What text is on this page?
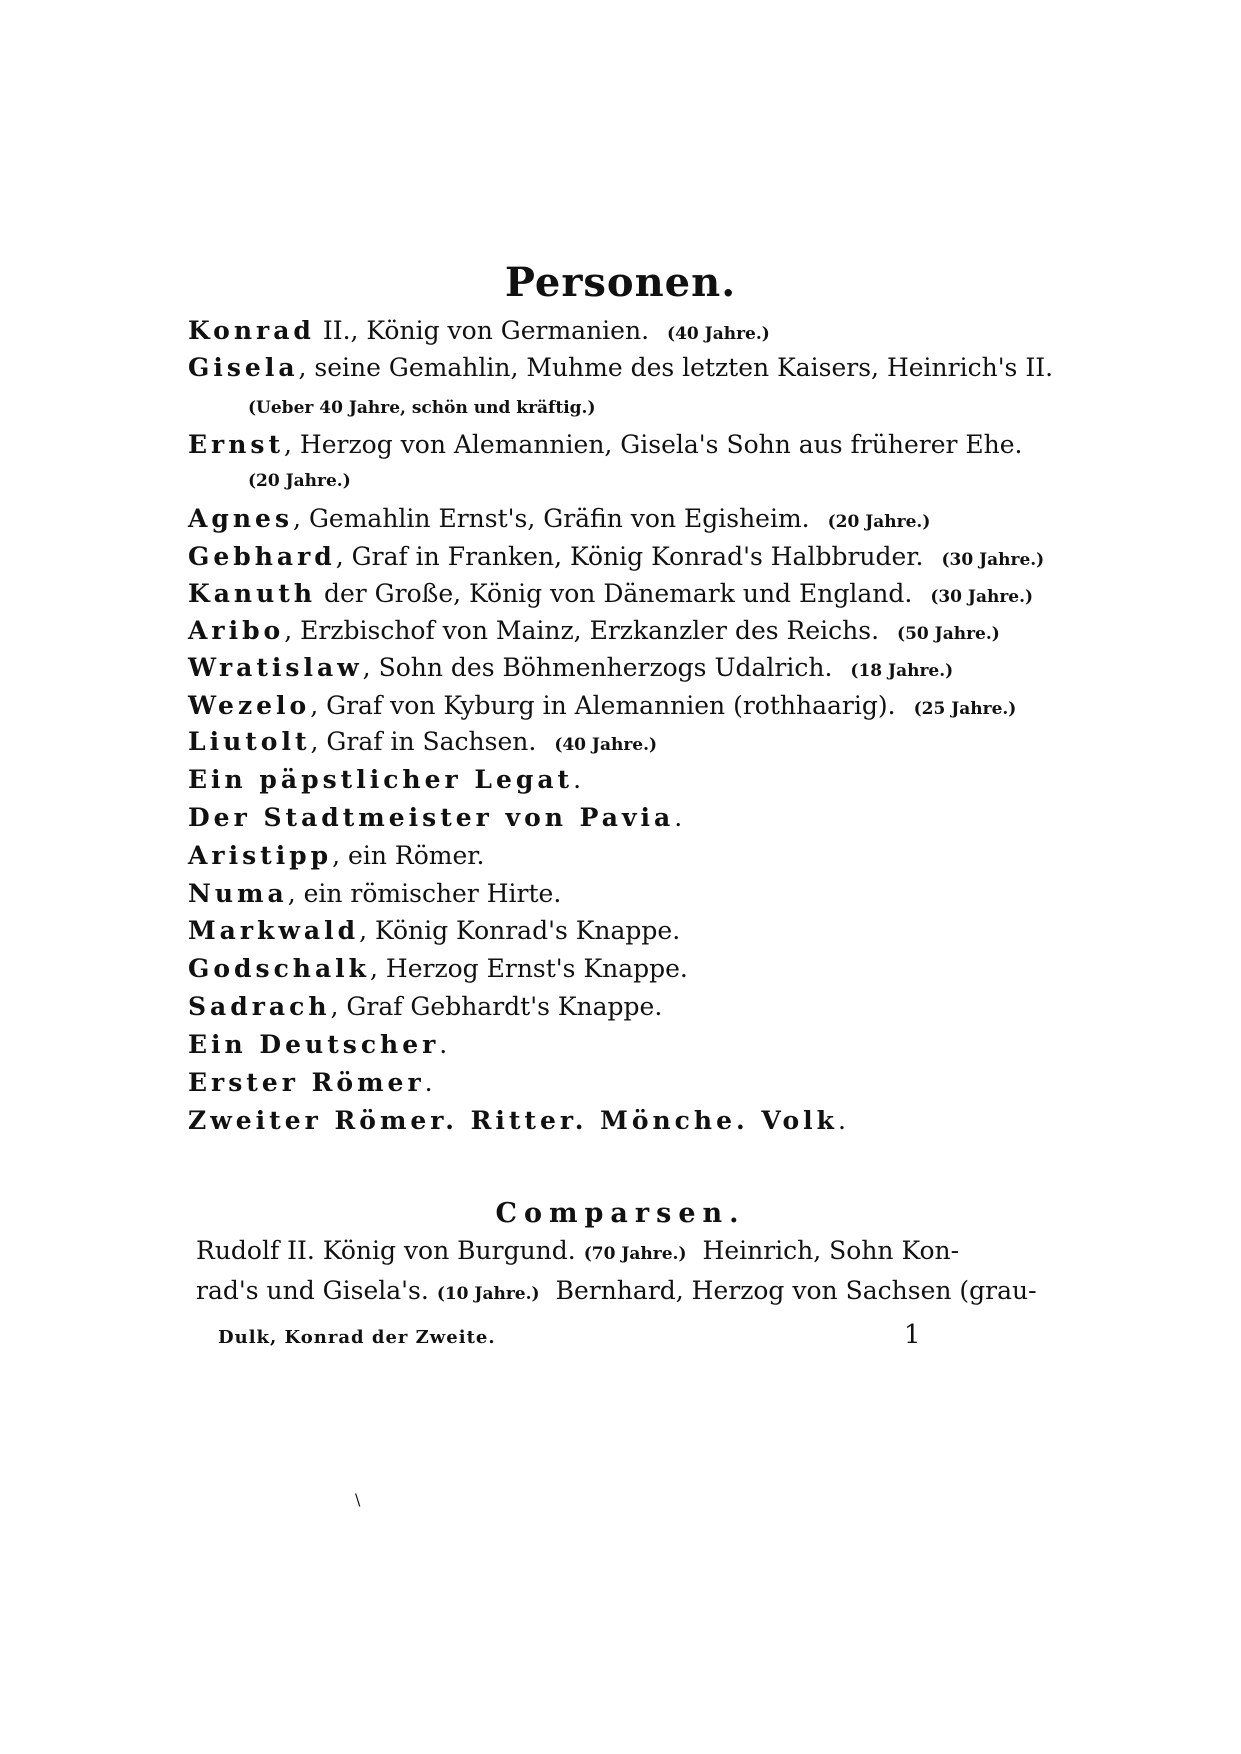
Personen.
Konrad II., König von Germanien. (40 Jahre.)
Gisela, seine Gemahlin, Muhme des letzten Kaisers, Heinrich's II.
(Ueber 40 Jahre, schön und kräftig.)
Ernst, Herzog von Alemannien, Gisela's Sohn aus früherer Ehe.
(20 Jahre.)
Agnes, Gemahlin Ernst's, Gräfin von Egisheim. (20 Jahre.)
Gebhard, Graf in Franken, König Konrad's Halbbruder. (30 Jahre.)
Kanuth der Große, König von Dänemark und England. (30 Jahre.)
Aribo, Erzbischof von Mainz, Erzkanzler des Reichs. (50 Jahre.)
Wratislaw, Sohn des Böhmenherzogs Udalrich. (18 Jahre.)
Wezelo, Graf von Kyburg in Alemannien (rothhaarig). (25 Jahre.)
Liutolt, Graf in Sachsen. (40 Jahre.)
Ein päpstlicher Legat.
Der Stadtmeister von Pavia.
Aristipp, ein Römer.
Numa, ein römischer Hirte.
Markwald, König Konrad's Knappe.
Godschalk, Herzog Ernst's Knappe.
Sadrach, Graf Gebhardt's Knappe.
Ein Deutscher.
Erster Römer.
Zweiter Römer. Ritter. Mönche. Volk.
Comparsen.
Rudolf II. König von Burgund. (70 Jahre.) Heinrich, Sohn Kon-
rad's und Gisela's. (10 Jahre.) Bernhard, Herzog von Sachsen (grau-
Dulk, Konrad der Zweite.	1
\
